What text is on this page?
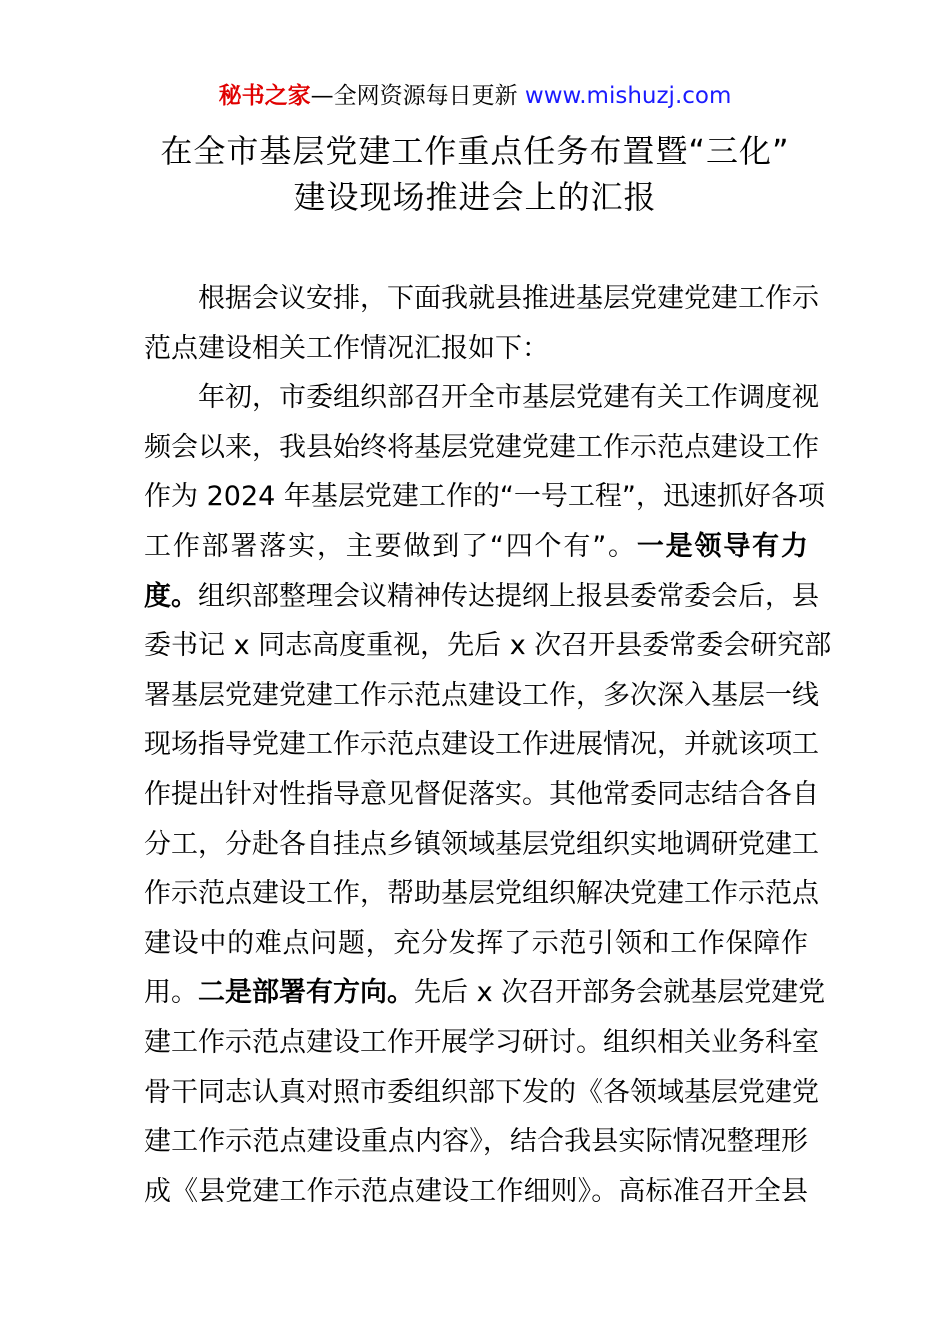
秘书之家—全网资源每日更新 www.mishuzj.com
在全市基层党建工作重点任务布置暨“三化”
建设现场推进会上的汇报
根据会议安排，下面我就县推进基层党建党建工作示
范点建设相关工作情况汇报如下：
年初，市委组织部召开全市基层党建有关工作调度视
频会以来，我县始终将基层党建党建工作示范点建设工作
作为 2024 年基层党建工作的“一号工程”，迅速抓好各项
工作部署落实，主要做到了“四个有”。一是领导有力
度。组织部整理会议精神传达提纲上报县委常委会后，县
委书记 x 同志高度重视，先后 x 次召开县委常委会研究部
署基层党建党建工作示范点建设工作，多次深入基层一线
现场指导党建工作示范点建设工作进展情况，并就该项工
作提出针对性指导意见督促落实。其他常委同志结合各自
分工，分赴各自挂点乡镇领域基层党组织实地调研党建工
作示范点建设工作，帮助基层党组织解决党建工作示范点
建设中的难点问题，充分发挥了示范引领和工作保障作
用。二是部署有方向。先后 x 次召开部务会就基层党建党
建工作示范点建设工作开展学习研讨。组织相关业务科室
骨干同志认真对照市委组织部下发的《各领域基层党建党
建工作示范点建设重点内容》，结合我县实际情况整理形
成《县党建工作示范点建设工作细则》。高标准召开全县
